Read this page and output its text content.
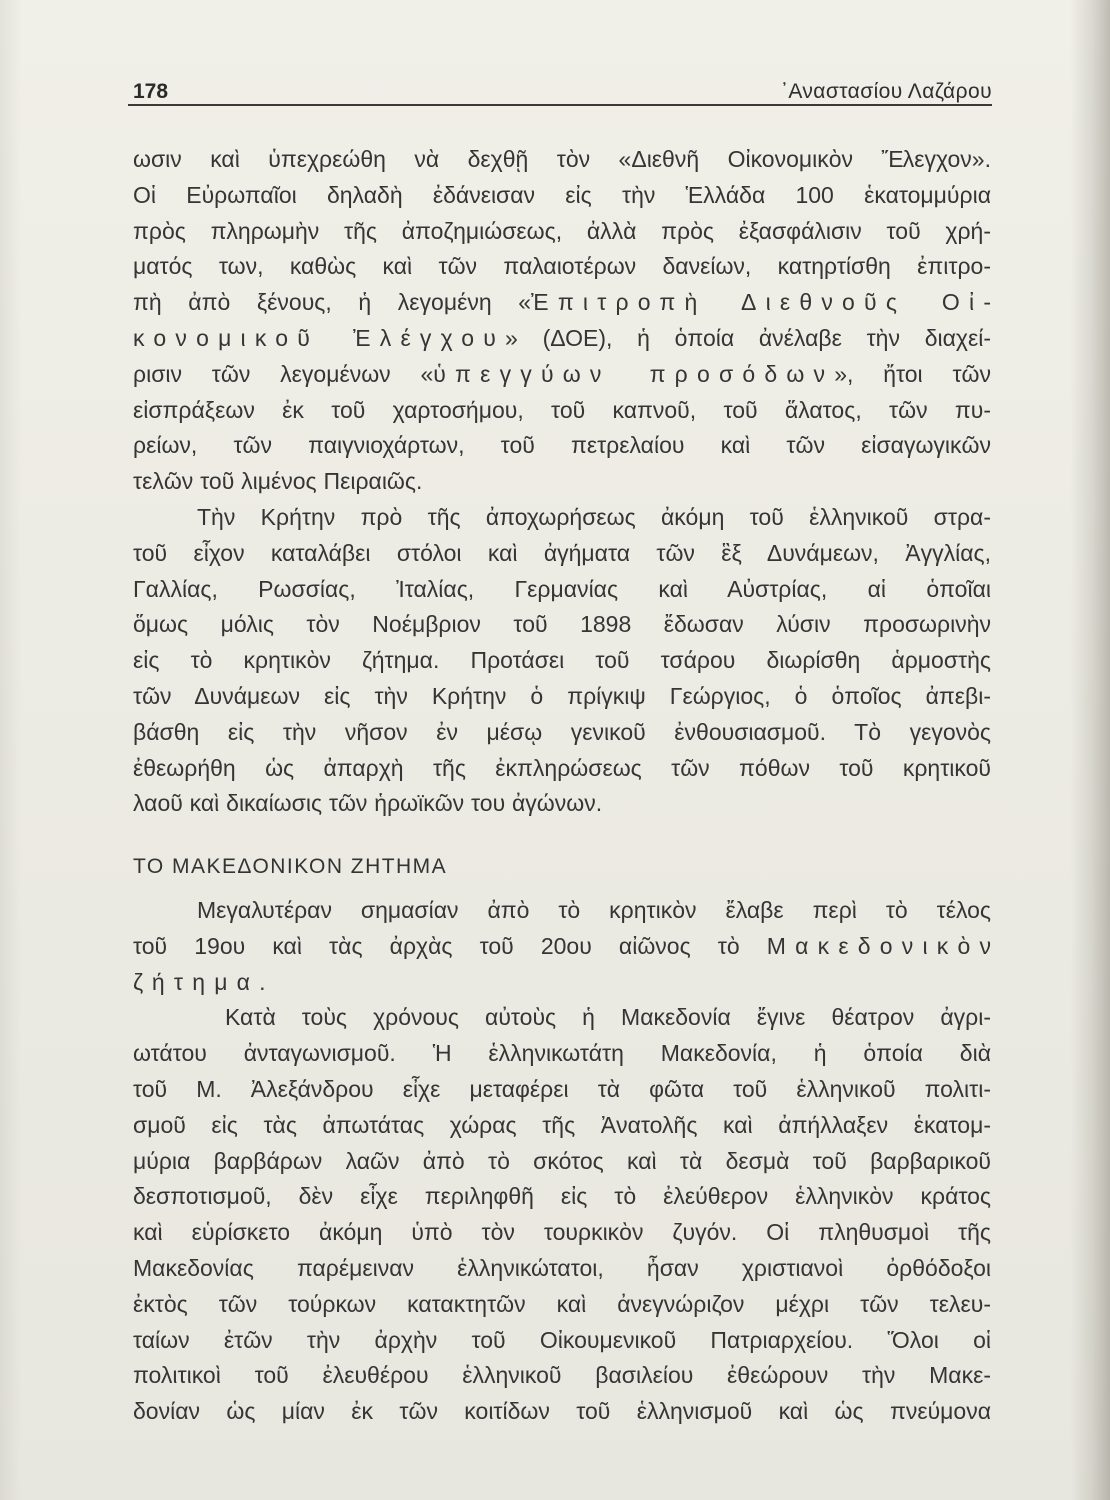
178	᾿Αναστασίου Λαζάρου
ωσιν καὶ ὑπεχρεώθη νὰ δεχθῇ τὸν «Διεθνῆ Οἰκονομικὸν Ἔλεγχον».
Οἱ Εὐρωπαῖοι δηλαδὴ ἐδάνεισαν εἰς τὴν Ἑλλάδα 100 ἑκατομμύρια
πρὸς πληρωμὴν τῆς ἀποζημιώσεως, ἀλλὰ πρὸς ἐξασφάλισιν τοῦ χρή-
ματός των, καθὼς καὶ τῶν παλαιοτέρων δανείων, κατηρτίσθη ἐπιτρο-
πὴ ἀπὸ ξένους, ἡ λεγομένη «Ἐπιτροπὴ Διεθνοῦς Οἰ-
κονομικοῦ Ἐλέγχου» (ΔΟΕ), ἡ ὁποία ἀνέλαβε τὴν διαχεί-
ρισιν τῶν λεγομένων «ὑπεγγύων προσόδων», ἤτοι τῶν
εἰσπράξεων ἐκ τοῦ χαρτοσήμου, τοῦ καπνοῦ, τοῦ ἅλατος, τῶν πυ-
ρείων, τῶν παιγνιοχάρτων, τοῦ πετρελαίου καὶ τῶν εἰσαγωγικῶν
τελῶν τοῦ λιμένος Πειραιῶς.
Τὴν Κρήτην πρὸ τῆς ἀποχωρήσεως ἀκόμη τοῦ ἑλληνικοῦ στρα-
τοῦ εἶχον καταλάβει στόλοι καὶ ἀγήματα τῶν ἓξ Δυνάμεων, Ἀγγλίας,
Γαλλίας, Ρωσσίας, Ἰταλίας, Γερμανίας καὶ Αὐστρίας, αἱ ὁποῖαι
ὅμως μόλις τὸν Νοέμβριον τοῦ 1898 ἔδωσαν λύσιν προσωρινὴν
εἰς τὸ κρητικὸν ζήτημα. Προτάσει τοῦ τσάρου διωρίσθη ἁρμοστὴς
τῶν Δυνάμεων εἰς τὴν Κρήτην ὁ πρίγκιψ Γεώργιος, ὁ ὁποῖος ἀπεβι-
βάσθη εἰς τὴν νῆσον ἐν μέσῳ γενικοῦ ἐνθουσιασμοῦ. Τὸ γεγονὸς
ἐθεωρήθη ὡς ἀπαρχὴ τῆς ἐκπληρώσεως τῶν πόθων τοῦ κρητικοῦ
λαοῦ καὶ δικαίωσις τῶν ἡρωϊκῶν του ἀγώνων.
ΤΟ ΜΑΚΕΔΟΝΙΚΟΝ ΖΗΤΗΜΑ
Μεγαλυτέραν σημασίαν ἀπὸ τὸ κρητικὸν ἔλαβε περὶ τὸ τέλος
τοῦ 19ου καὶ τὰς ἀρχὰς τοῦ 20ου αἰῶνος τὸ Μακεδονικὸν
ζήτημα.
Κατὰ τοὺς χρόνους αὐτοὺς ἡ Μακεδονία ἔγινε θέατρον ἀγρι-
ωτάτου ἀνταγωνισμοῦ. Ἡ ἑλληνικωτάτη Μακεδονία, ἡ ὁποία διὰ
τοῦ Μ. Ἀλεξάνδρου εἶχε μεταφέρει τὰ φῶτα τοῦ ἑλληνικοῦ πολιτι-
σμοῦ εἰς τὰς ἀπωτάτας χώρας τῆς Ἀνατολῆς καὶ ἀπήλλαξεν ἑκατομ-
μύρια βαρβάρων λαῶν ἀπὸ τὸ σκότος καὶ τὰ δεσμὰ τοῦ βαρβαρικοῦ
δεσποτισμοῦ, δὲν εἶχε περιληφθῆ εἰς τὸ ἐλεύθερον ἑλληνικὸν κράτος
καὶ εὑρίσκετο ἀκόμη ὑπὸ τὸν τουρκικὸν ζυγόν. Οἱ πληθυσμοὶ τῆς
Μακεδονίας παρέμειναν ἑλληνικώτατοι, ἦσαν χριστιανοὶ ὀρθόδοξοι
ἐκτὸς τῶν τούρκων κατακτητῶν καὶ ἀνεγνώριζον μέχρι τῶν τελευ-
ταίων ἐτῶν τὴν ἀρχὴν τοῦ Οἰκουμενικοῦ Πατριαρχείου. Ὅλοι οἱ
πολιτικοὶ τοῦ ἐλευθέρου ἑλληνικοῦ βασιλείου ἐθεώρουν τὴν Μακε-
δονίαν ὡς μίαν ἐκ τῶν κοιτίδων τοῦ ἑλληνισμοῦ καὶ ὡς πνεύμονα
